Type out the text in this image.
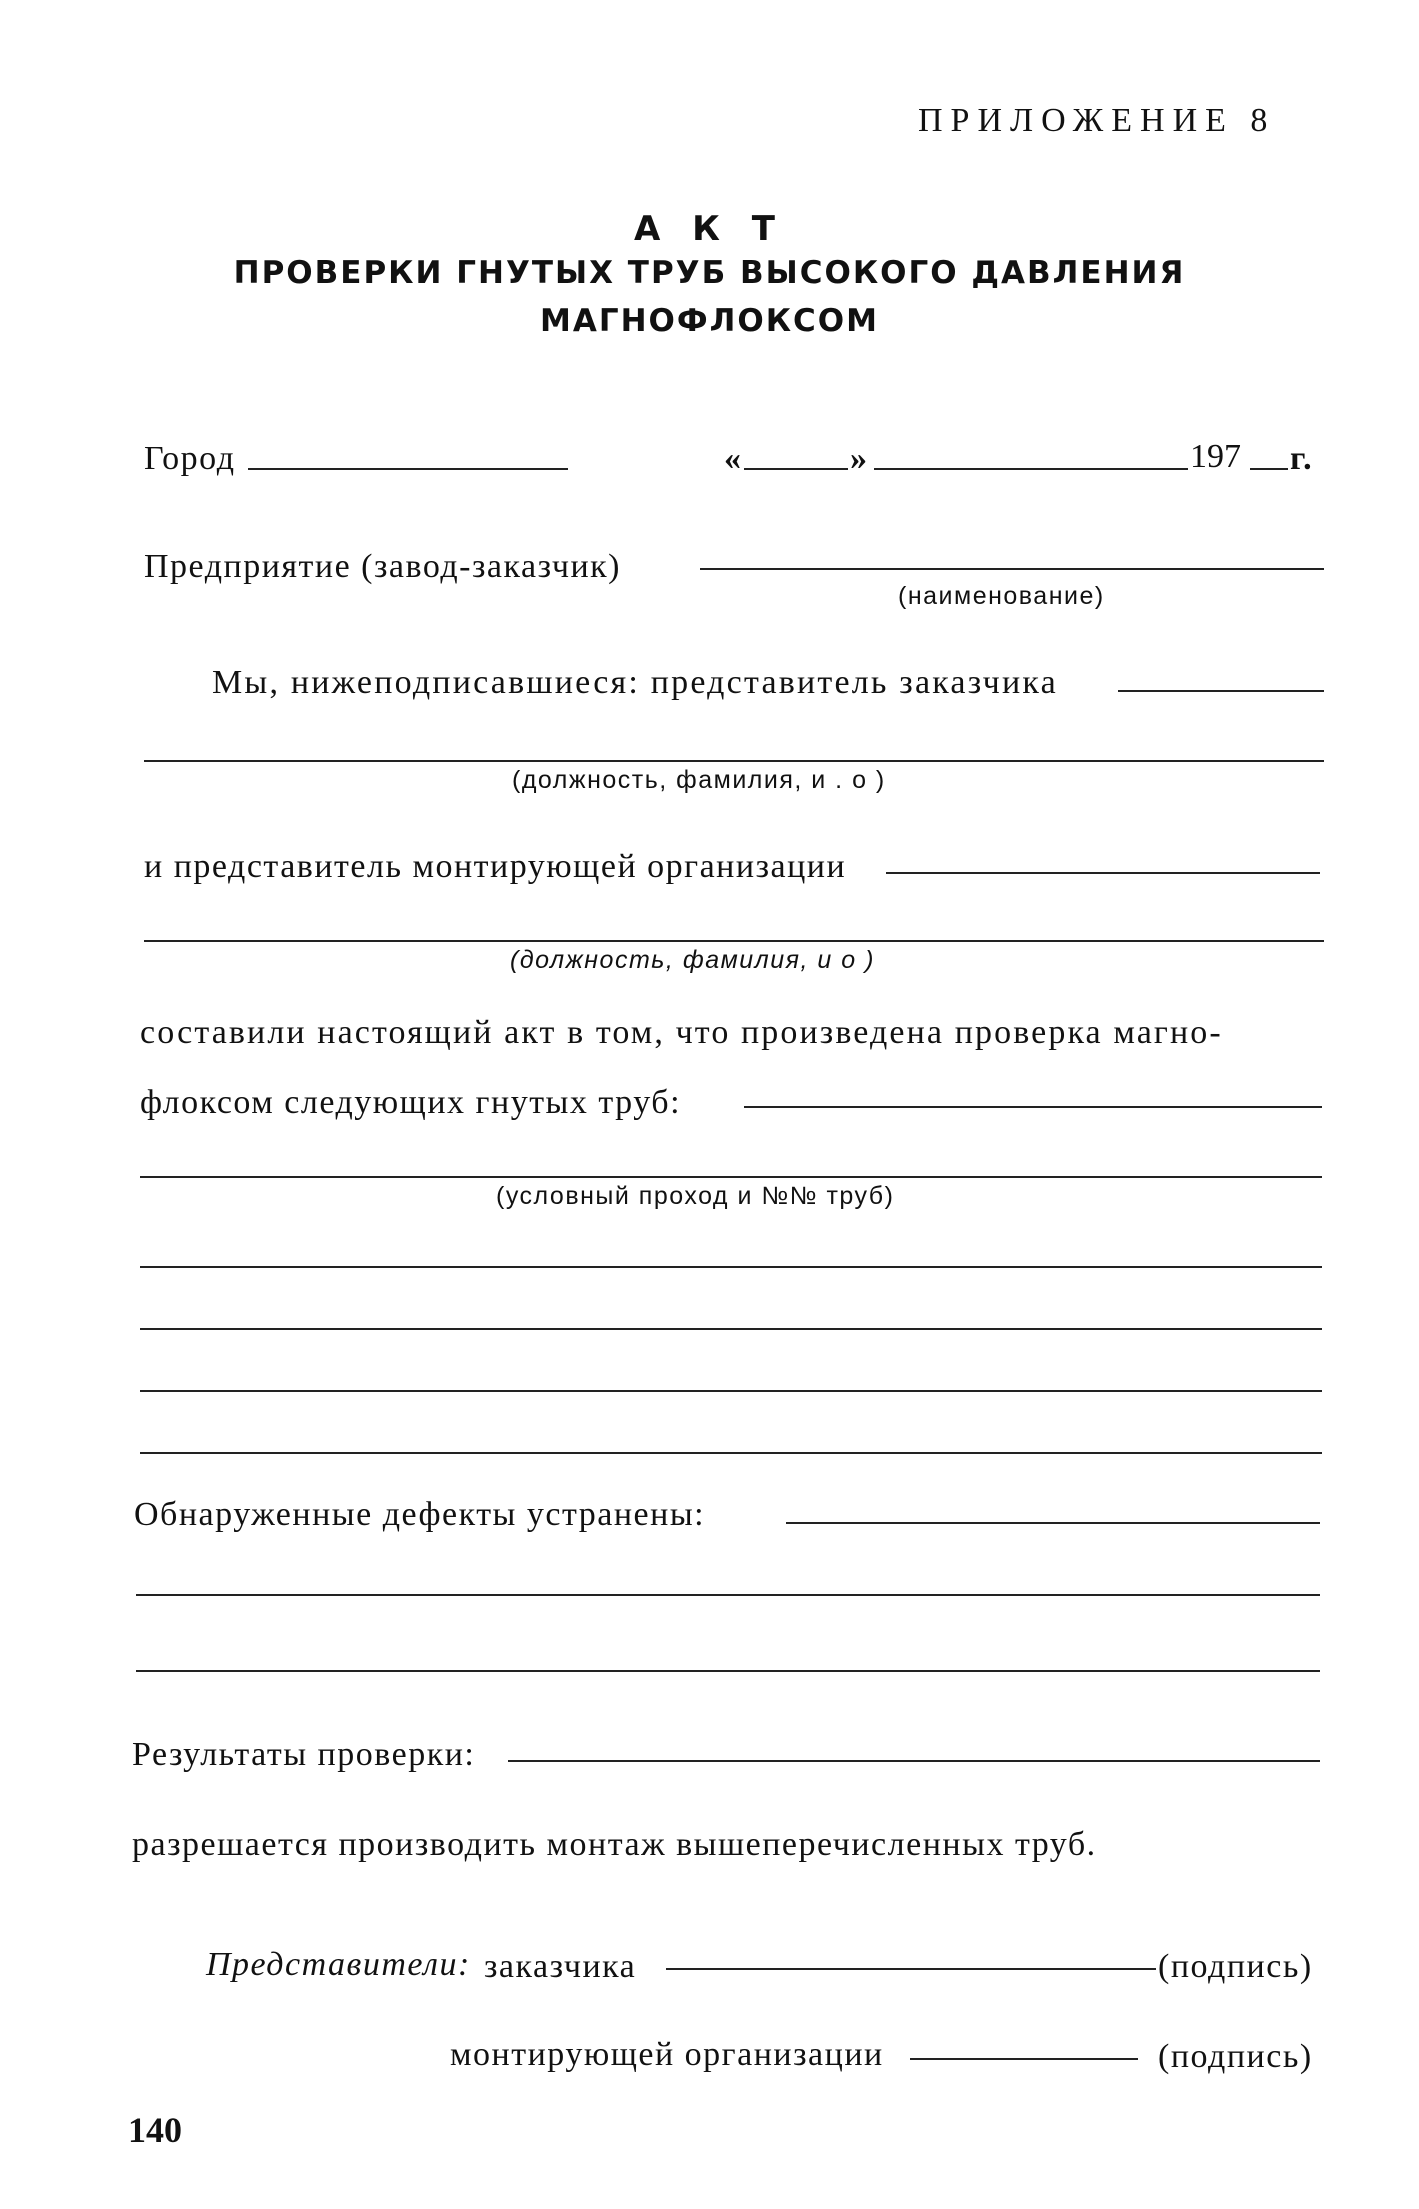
ПРИЛОЖЕНИЕ 8
А К Т
ПРОВЕРКИ ГНУТЫХ ТРУБ ВЫСОКОГО ДАВЛЕНИЯ
МАГНОФЛОКСОМ
Город	«	»	197 г.
Предприятие (завод-заказчик)
(наименование)
Мы, нижеподписавшиеся: представитель заказчика
(должность, фамилия, и . о )
и представитель монтирующей организации
(должность, фамилия, и о )
составили настоящий акт в том, что произведена проверка магно-
флоксом следующих гнутых труб:
(условный проход и №№ труб)
Обнаруженные дефекты устранены:
Результаты проверки:
разрешается производить монтаж вышеперечисленных труб.
Представители: заказчика	(подпись)
монтирующей организации	(подпись)
140
